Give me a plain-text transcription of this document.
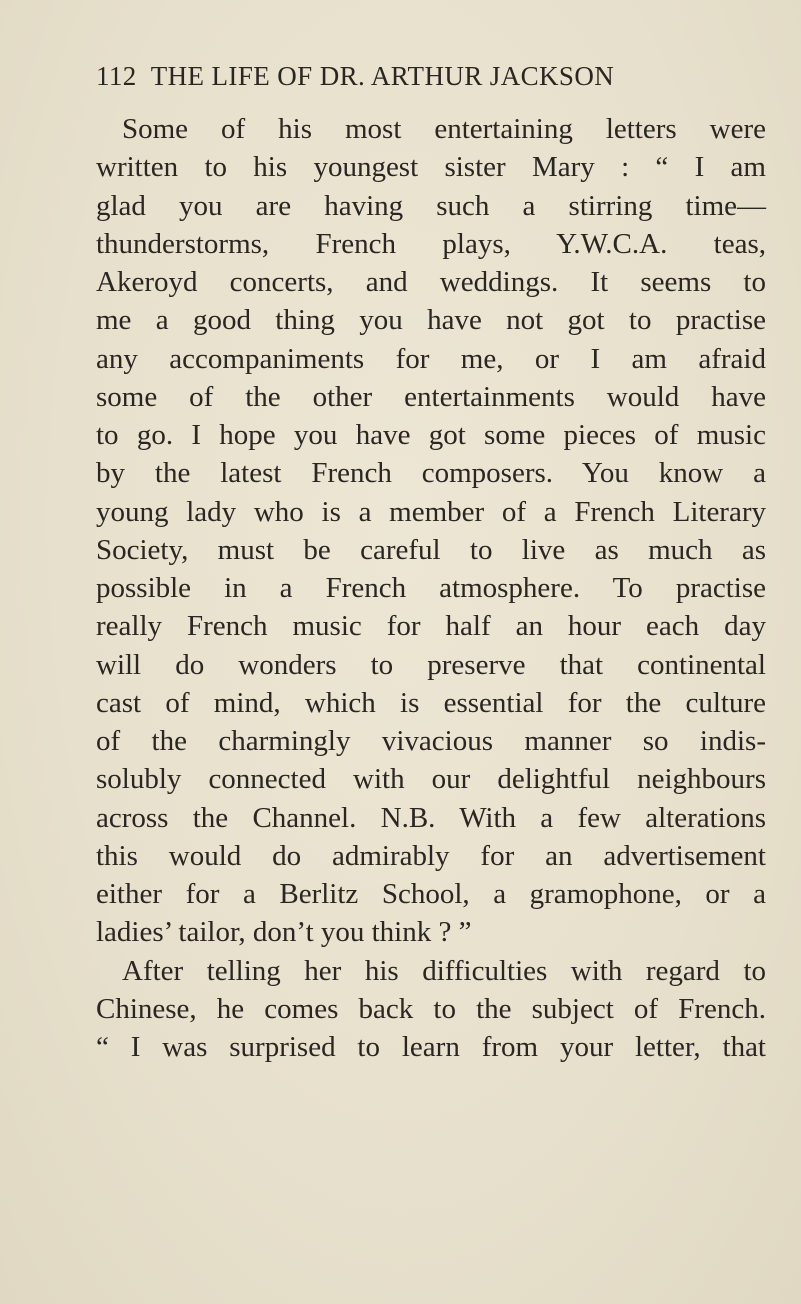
112 THE LIFE OF DR. ARTHUR JACKSON
Some of his most entertaining letters were
written to his youngest sister Mary : “ I am
glad you are having such a stirring time—
thunderstorms, French plays, Y.W.C.A. teas,
Akeroyd concerts, and weddings. It seems to
me a good thing you have not got to practise
any accompaniments for me, or I am afraid
some of the other entertainments would have
to go. I hope you have got some pieces of music
by the latest French composers. You know a
young lady who is a member of a French Literary
Society, must be careful to live as much as
possible in a French atmosphere. To practise
really French music for half an hour each day
will do wonders to preserve that continental
cast of mind, which is essential for the culture
of the charmingly vivacious manner so indis-
solubly connected with our delightful neighbours
across the Channel. N.B. With a few alterations
this would do admirably for an advertisement
either for a Berlitz School, a gramophone, or a
ladies’ tailor, don’t you think ? ”
After telling her his difficulties with regard to
Chinese, he comes back to the subject of French.
“ I was surprised to learn from your letter, that
